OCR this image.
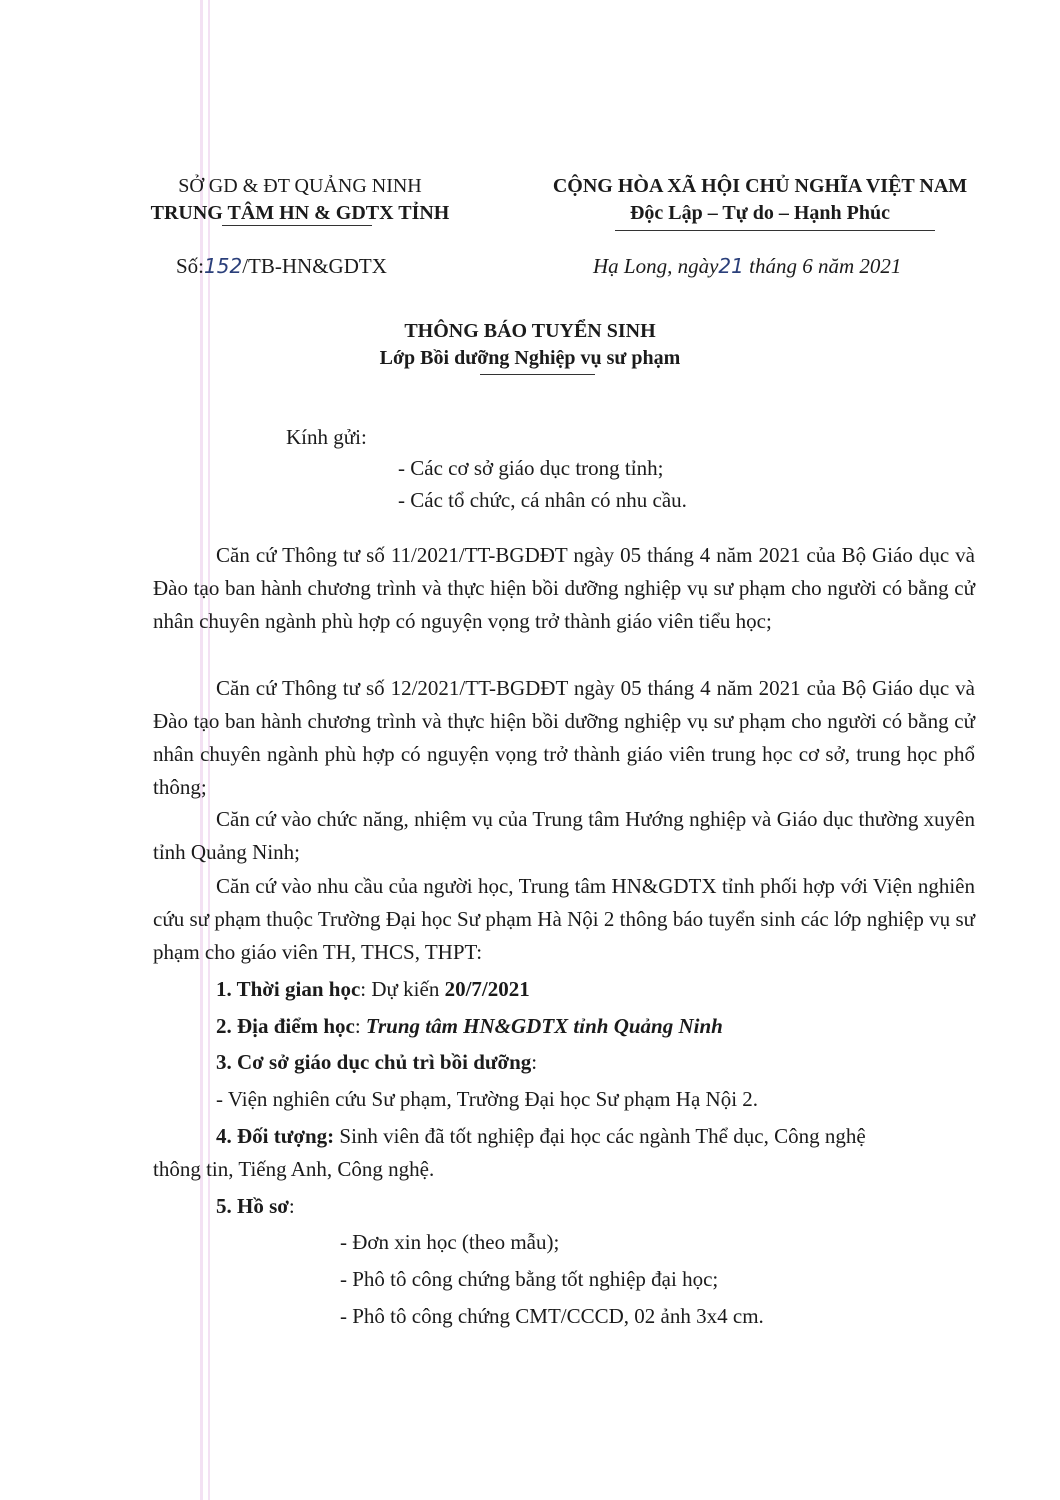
SỞ GD & ĐT QUẢNG NINH
TRUNG TÂM HN & GDTX TỈNH
Số:152/TB-HN&GDTX
CỘNG HÒA XÃ HỘI CHỦ NGHĨA VIỆT NAM
Độc Lập – Tự do – Hạnh Phúc
Hạ Long, ngày21 tháng 6 năm 2021
THÔNG BÁO TUYỂN SINH
Lớp Bồi dưỡng Nghiệp vụ sư phạm
Kính gửi:
- Các cơ sở giáo dục trong tỉnh;
- Các tổ chức, cá nhân có nhu cầu.
Căn cứ Thông tư số 11/2021/TT-BGDĐT ngày 05 tháng 4 năm 2021 của Bộ Giáo dục và Đào tạo ban hành chương trình và thực hiện bồi dưỡng nghiệp vụ sư phạm cho người có bằng cử nhân chuyên ngành phù hợp có nguyện vọng trở thành giáo viên tiểu học;
Căn cứ Thông tư số 12/2021/TT-BGDĐT ngày 05 tháng 4 năm 2021 của Bộ Giáo dục và Đào tạo ban hành chương trình và thực hiện bồi dưỡng nghiệp vụ sư phạm cho người có bằng cử nhân chuyên ngành phù hợp có nguyện vọng trở thành giáo viên trung học cơ sở, trung học phổ thông;
Căn cứ vào chức năng, nhiệm vụ của Trung tâm Hướng nghiệp và Giáo dục thường xuyên tỉnh Quảng Ninh;
Căn cứ vào nhu cầu của người học, Trung tâm HN&GDTX tỉnh phối hợp với Viện nghiên cứu sư phạm thuộc Trường Đại học Sư phạm Hà Nội 2 thông báo tuyển sinh các lớp nghiệp vụ sư phạm cho giáo viên TH, THCS, THPT:
1. Thời gian học: Dự kiến 20/7/2021
2. Địa điểm học: Trung tâm HN&GDTX tỉnh Quảng Ninh
3. Cơ sở giáo dục chủ trì bồi dưỡng:
- Viện nghiên cứu Sư phạm, Trường Đại học Sư phạm Hạ Nội 2.
4. Đối tượng: Sinh viên đã tốt nghiệp đại học các ngành Thể dục, Công nghệ
thông tin, Tiếng Anh, Công nghệ.
5. Hồ sơ:
- Đơn xin học (theo mẫu);
- Phô tô công chứng bằng tốt nghiệp đại học;
- Phô tô công chứng CMT/CCCD, 02 ảnh 3x4 cm.
